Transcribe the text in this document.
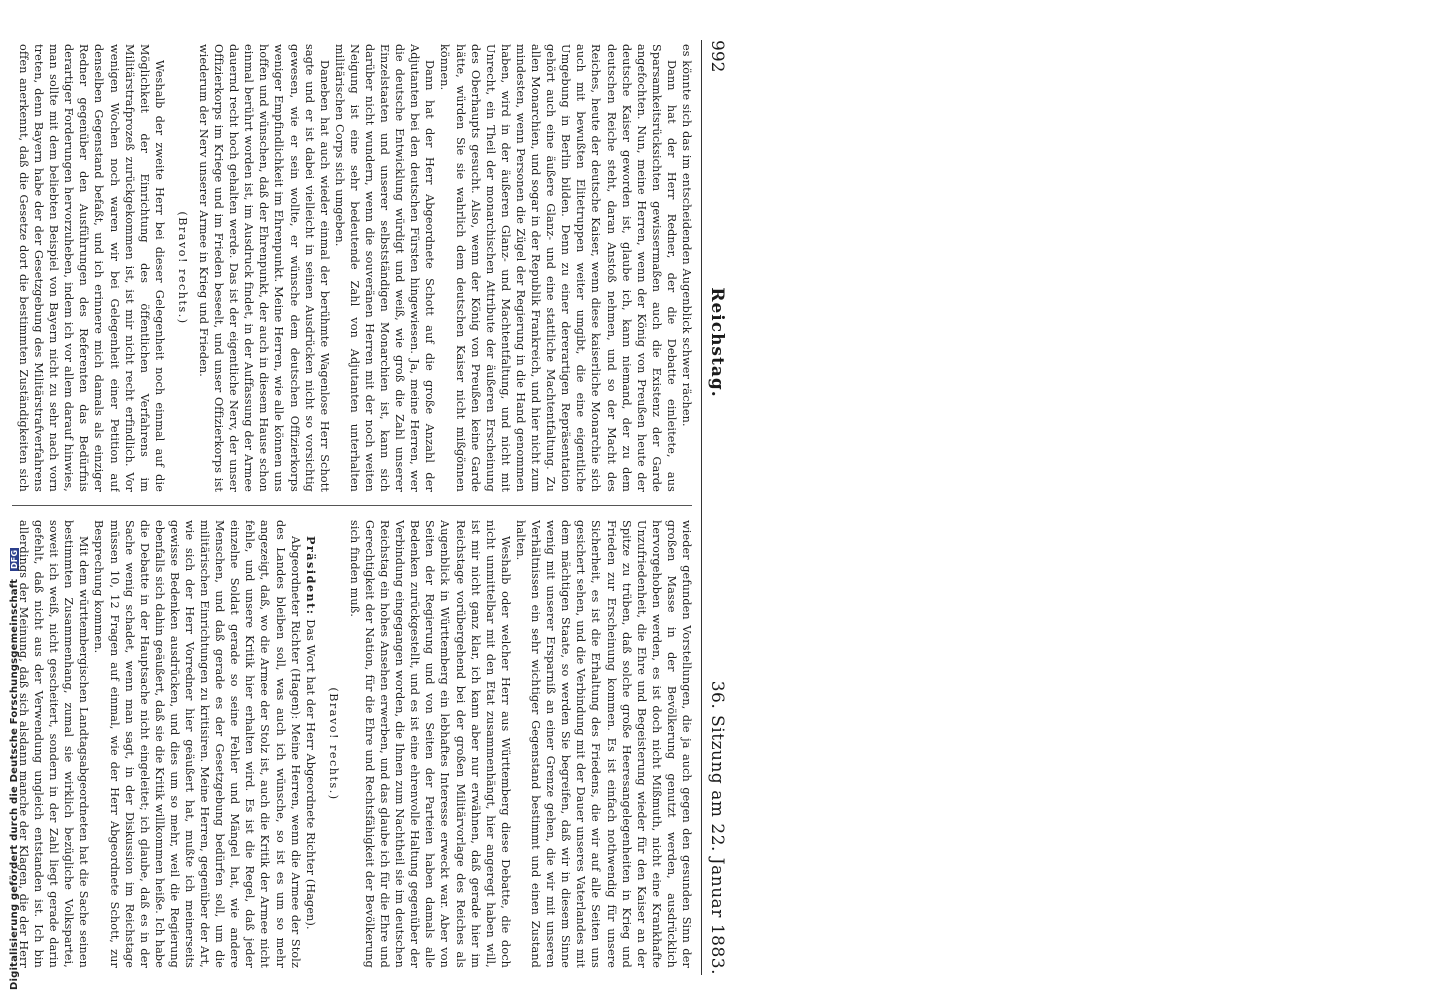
Digitalisierung gefördert durch die Deutsche Forschungsgemeinschaft DFG
992
Reichstag.
36. Sitzung am 22. Januar 1883.

es könnte sich das im entscheidenden Augenblick schwer rächen.

Dann hat der Herr Redner, der die Debatte einleitete, aus Sparsamkeitsrücksichten gewissermaßen auch die Existenz der Garde angefochten. Nun, meine Herren, wenn der König von Preußen heute der deutsche Kaiser geworden ist, glaube ich, kann niemand, der zu dem deutschen Reiche steht, daran Anstoß nehmen, und so der Macht des Reiches, heute der deutsche Kaiser, wenn diese kaiserliche Monarchie sich auch mit bewußten Elitetruppen weiter umgibt, die eine eigentliche Umgebung in Berlin bilden. Denn zu einer dererartigen Repräsentation gehört auch eine äußere Glanz- und eine stattliche Machtentfaltung. Zu allen Monarchien, und sogar in der Republik Frankreich, und hier nicht zum mindesten, wenn Personen die Zügel der Regierung in die Hand genommen haben, wird in der äußeren Glanz- und Machtentfaltung, und nicht mit Unrecht, ein Theil der monarchischen Attribute der äußeren Erscheinung des Oberhaupts gesucht. Also, wenn der König von Preußen keine Garde hätte, würden Sie sie wahrlich dem deutschen Kaiser nicht mißgönnen können.

Dann hat der Herr Abgeordnete Schott auf die große Anzahl der Adjutanten bei den deutschen Fürsten hingewiesen. Ja, meine Herren, wer die deutsche Entwicklung würdigt und weiß, wie groß die Zahl unserer Einzelstaaten und unserer selbstständigen Monarchien ist, kann sich darüber nicht wundern, wenn die souveränen Herren mit der noch weiten Neigung ist eine sehr bedeutende Zahl von Adjutanten unterhalten militärischen Corps sich umgeben.

Daneben hat auch wieder einmal der berühmte Wagenlose Herr Schott sagte und er ist dabei vielleicht in seinen Ausdrücken nicht so vorsichtig gewesen, wie er sein wollte, er wünsche dem deutschen Offizierkorps weniger Empfindlichkeit im Ehrenpunkt. Meine Herren, wie alle können uns hoffen und wünschen, daß der Ehrenpunkt, der auch in diesem Hause schon einmal berührt worden ist, im Ausdruck findet, in der Auffassung der Armee dauernd recht hoch gehalten werde. Das ist der eigentliche Nerv, der unser Offizierkorps im Kriege und im Frieden beseelt, und unser Offizierkorps ist wiederum der Nerv unserer Armee in Krieg und Frieden.

(Bravo! rechts.)

Weshalb der zweite Herr bei dieser Gelegenheit noch einmal auf die Möglichkeit der Einrichtung des öffentlichen Verfahrens im Militärstrafprozeß zurückgekommen ist, ist mir nicht recht erfindlich. Vor wenigen Wochen noch waren wir bei Gelegenheit einer Petition auf denselben Gegenstand befaßt, und ich erinnere mich damals als einziger Redner gegenüber den Ausführungen des Referenten das Bedürfnis derartiger Forderungen hervorzuheben, indem ich vor allem darauf hinwies, man sollte mit dem beliebten Beispiel von Bayern nicht zu sehr nach vorn treten, denn Bayern habe der der Gesetzgebung des Militärstrafverfahrens offen anerkennt, daß die Gesetze dort die bestimmten Zuständigkeiten sich

wieder gefunden Vorstellungen, die ja auch gegen den gesunden Sinn der großen Masse in der Bevölkerung genutzt werden, ausdrücklich hervorgehoben werden, es ist doch nicht Mißmuth, nicht eine Krankhafte Unzufriedenheit, die Ehre und Begeisterung wieder für den Kaiser an der Spitze zu trüben, daß solche große Heeresangelegenheiten in Krieg und Frieden zur Erscheinung kommen. Es ist einfach nothwendig für unsere Sicherheit, es ist die Erhaltung des Friedens, die wir auf alle Seiten uns gesichert sehen, und die Verbindung mit der Dauer unseres Vaterlandes mit dem mächtigen Staate, so werden Sie begreifen, daß wir in diesem Sinne wenig mit unserer Ersparniß an einer Grenze gehen, die wir mit unseren Verhältnissen ein sehr wichtiger Gegenstand bestimmt und einen Zustand halten.

Weshalb oder welcher Herr aus Württemberg diese Debatte, die doch nicht unmittelbar mit den Etat zusammenhängt, hier angeregt haben will, ist mir nicht ganz klar, ich kann aber nur erwähnen, daß gerade hier im Reichstage vorübergehend bei der großen Militärvorlage des Reiches als Augenblick in Württemberg ein lebhaftes Interesse erweckt war. Aber von Seiten der Regierung und von Seiten der Parteien haben damals alle Bedenken zurückgestellt, und es ist eine ehrenvolle Haltung gegenüber der Verbindung eingegangen worden, die Ihnen zum Nachtheil sie im deutschen Reichstag ein hohes Ansehen erwerben, und das glaube ich für die Ehre und Gerechtigkeit der Nation, für die Ehre und Rechtsfähigkeit der Bevölkerung sich finden muß.

(Bravo! rechts.)

Präsident: Das Wort hat der Herr Abgeordnete Richter (Hagen).

Abgeordneter Richter (Hagen): Meine Herren, wenn die Armee der Stolz des Landes bleiben soll, was auch ich wünsche, so ist es um so mehr angezeigt, daß, wo die Armee der Stolz ist, auch die Kritik der Armee nicht fehle, und unsere Kritik hier erhalten wird. Es ist die Regel, daß jeder einzelne Soldat gerade so seine Fehler und Mängel hat, wie andere Menschen, und daß gerade es der Gesetzgebung bedürfen soll, um die militärischen Einrichtungen zu kritisiren. Meine Herren, gegenüber der Art, wie sich der Herr Vorredner hier geäußert hat, mußte ich meinerseits gewisse Bedenken ausdrücken, und dies um so mehr, weil die Regierung ebenfalls sich dahin geäußert, daß sie die Kritik willkommen heiße. Ich habe die Debatte in der Hauptsache nicht eingeleitet; ich glaube, daß es in der Sache wenig schadet, wenn man sagt, in der Diskussion im Reichstage müssen 10, 12 Fragen auf einmal, wie der Herr Abgeordnete Schott, zur Besprechung kommen.

Mit dem württembergischen Landtagsabgeordneten hat die Sache seinen bestimmten Zusammenhang, zumal sie wirklich bezügliche Volkspartei, soweit ich weiß, nicht gescheitert, sondern in der Zahl liegt gerade darin gefehlt, daß nicht aus der Verwendung ungleich entstanden ist. Ich bin allerdings der Meinung, daß sich alsdann manche der Klagen, die der Herr
